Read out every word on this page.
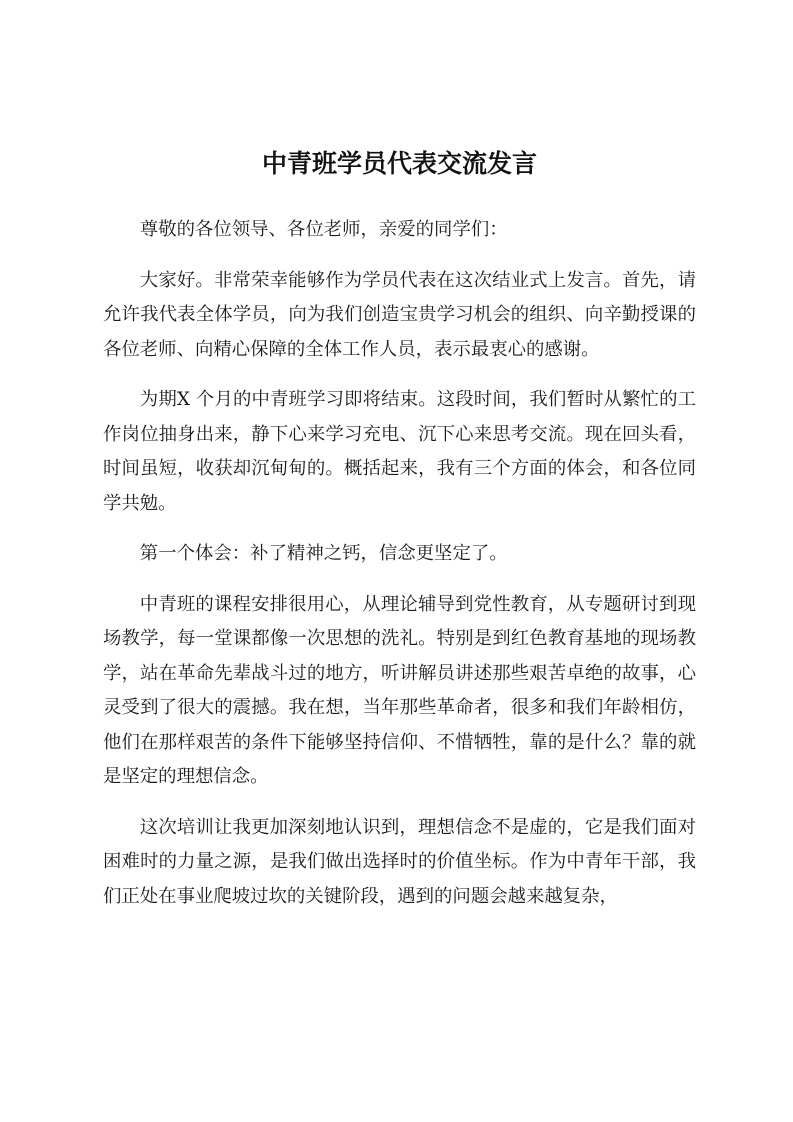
中青班学员代表交流发言

尊敬的各位领导、各位老师，亲爱的同学们：

大家好。非常荣幸能够作为学员代表在这次结业式上发言。首先，请允许我代表全体学员，向为我们创造宝贵学习机会的组织、向辛勤授课的各位老师、向精心保障的全体工作人员，表示最衷心的感谢。

为期X 个月的中青班学习即将结束。这段时间，我们暂时从繁忙的工作岗位抽身出来，静下心来学习充电、沉下心来思考交流。现在回头看，时间虽短，收获却沉甸甸的。概括起来，我有三个方面的体会，和各位同学共勉。

第一个体会：补了精神之钙，信念更坚定了。

中青班的课程安排很用心，从理论辅导到党性教育，从专题研讨到现场教学，每一堂课都像一次思想的洗礼。特别是到红色教育基地的现场教学，站在革命先辈战斗过的地方，听讲解员讲述那些艰苦卓绝的故事，心灵受到了很大的震撼。我在想，当年那些革命者，很多和我们年龄相仿，他们在那样艰苦的条件下能够坚持信仰、不惜牺牲，靠的是什么？靠的就是坚定的理想信念。

这次培训让我更加深刻地认识到，理想信念不是虚的，它是我们面对困难时的力量之源，是我们做出选择时的价值坐标。作为中青年干部，我们正处在事业爬坡过坎的关键阶段，遇到的问题会越来越复杂，
